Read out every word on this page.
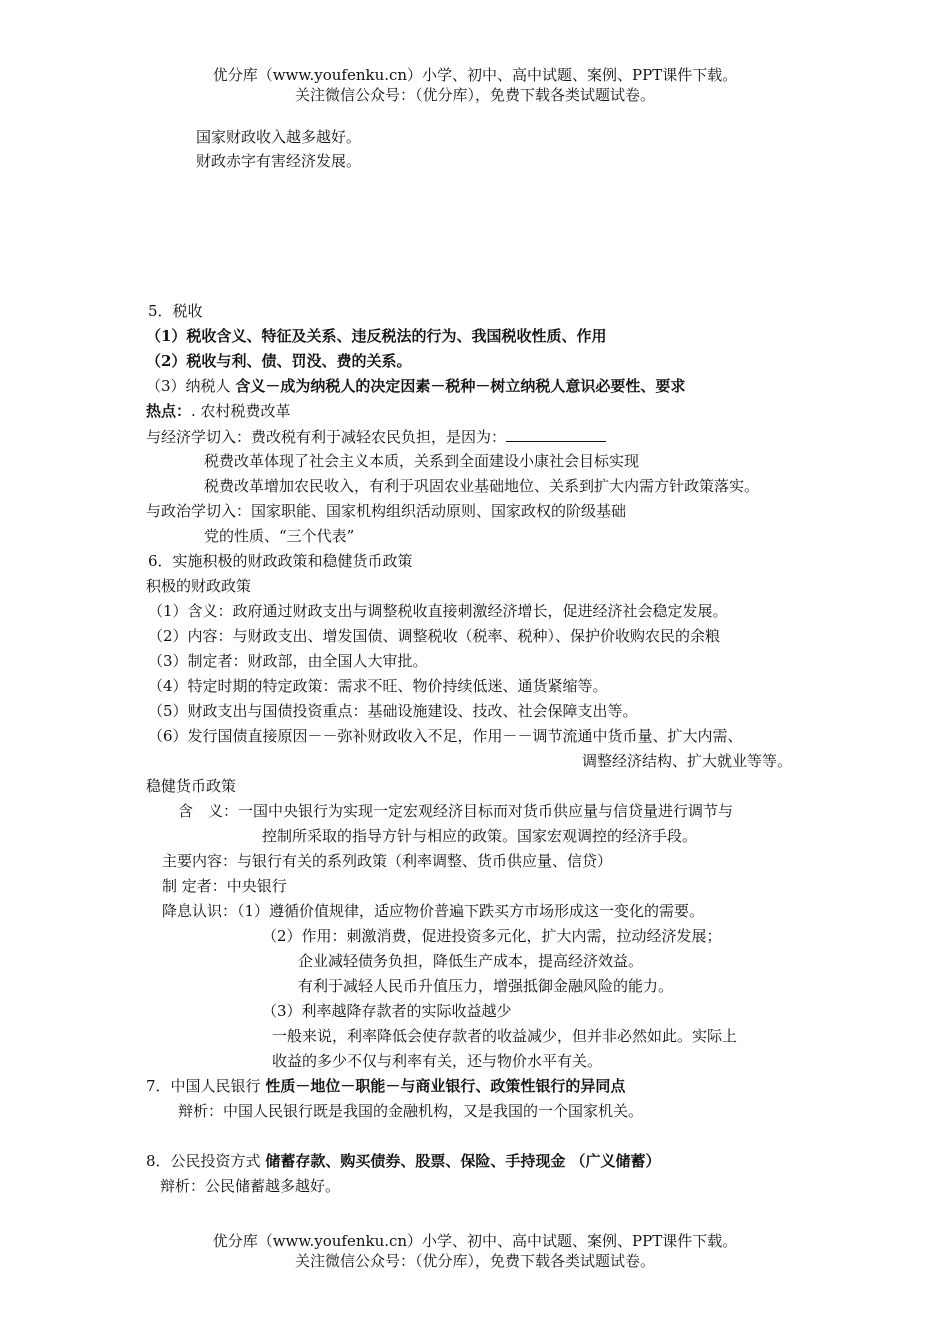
优分库（www.youfenku.cn）小学、初中、高中试题、案例、PPT课件下载。
关注微信公众号：（优分库），免费下载各类试题试卷。
国家财政收入越多越好。
财政赤字有害经济发展。
5．税收
（1）税收含义、特征及关系、违反税法的行为、我国税收性质、作用
（2）税收与利、债、罚没、费的关系。
（3）纳税人 含义－成为纳税人的决定因素－税种－树立纳税人意识必要性、要求
热点：. 农村税费改革
与经济学切入：费改税有利于减轻农民负担，是因为：
税费改革体现了社会主义本质，关系到全面建设小康社会目标实现
税费改革增加农民收入，有利于巩固农业基础地位、关系到扩大内需方针政策落实。
与政治学切入：国家职能、国家机构组织活动原则、国家政权的阶级基础
党的性质、“三个代表”
6．实施积极的财政政策和稳健货币政策
积极的财政政策
（1）含义：政府通过财政支出与调整税收直接刺激经济增长，促进经济社会稳定发展。
（2）内容：与财政支出、增发国债、调整税收（税率、税种）、保护价收购农民的余粮
（3）制定者：财政部，由全国人大审批。
（4）特定时期的特定政策：需求不旺、物价持续低迷、通货紧缩等。
（5）财政支出与国债投资重点：基础设施建设、技改、社会保障支出等。
（6）发行国债直接原因－－弥补财政收入不足，作用－－调节流通中货币量、扩大内需、
调整经济结构、扩大就业等等。
稳健货币政策
含　义：一国中央银行为实现一定宏观经济目标而对货币供应量与信贷量进行调节与
控制所采取的指导方针与相应的政策。国家宏观调控的经济手段。
主要内容：与银行有关的系列政策（利率调整、货币供应量、信贷）
制 定者：中央银行
降息认识：（1）遵循价值规律，适应物价普遍下跌买方市场形成这一变化的需要。
（2）作用：刺激消费，促进投资多元化，扩大内需，拉动经济发展；
企业减轻债务负担，降低生产成本，提高经济效益。
有利于减轻人民币升值压力，增强抵御金融风险的能力。
（3）利率越降存款者的实际收益越少
一般来说，利率降低会使存款者的收益减少，但并非必然如此。实际上
收益的多少不仅与利率有关，还与物价水平有关。
7．中国人民银行 性质－地位－职能－与商业银行、政策性银行的异同点
辩析：中国人民银行既是我国的金融机构，又是我国的一个国家机关。
8．公民投资方式 储蓄存款、购买债券、股票、保险、手持现金 （广义储蓄）
辩析：公民储蓄越多越好。
优分库（www.youfenku.cn）小学、初中、高中试题、案例、PPT课件下载。
关注微信公众号：（优分库），免费下载各类试题试卷。
